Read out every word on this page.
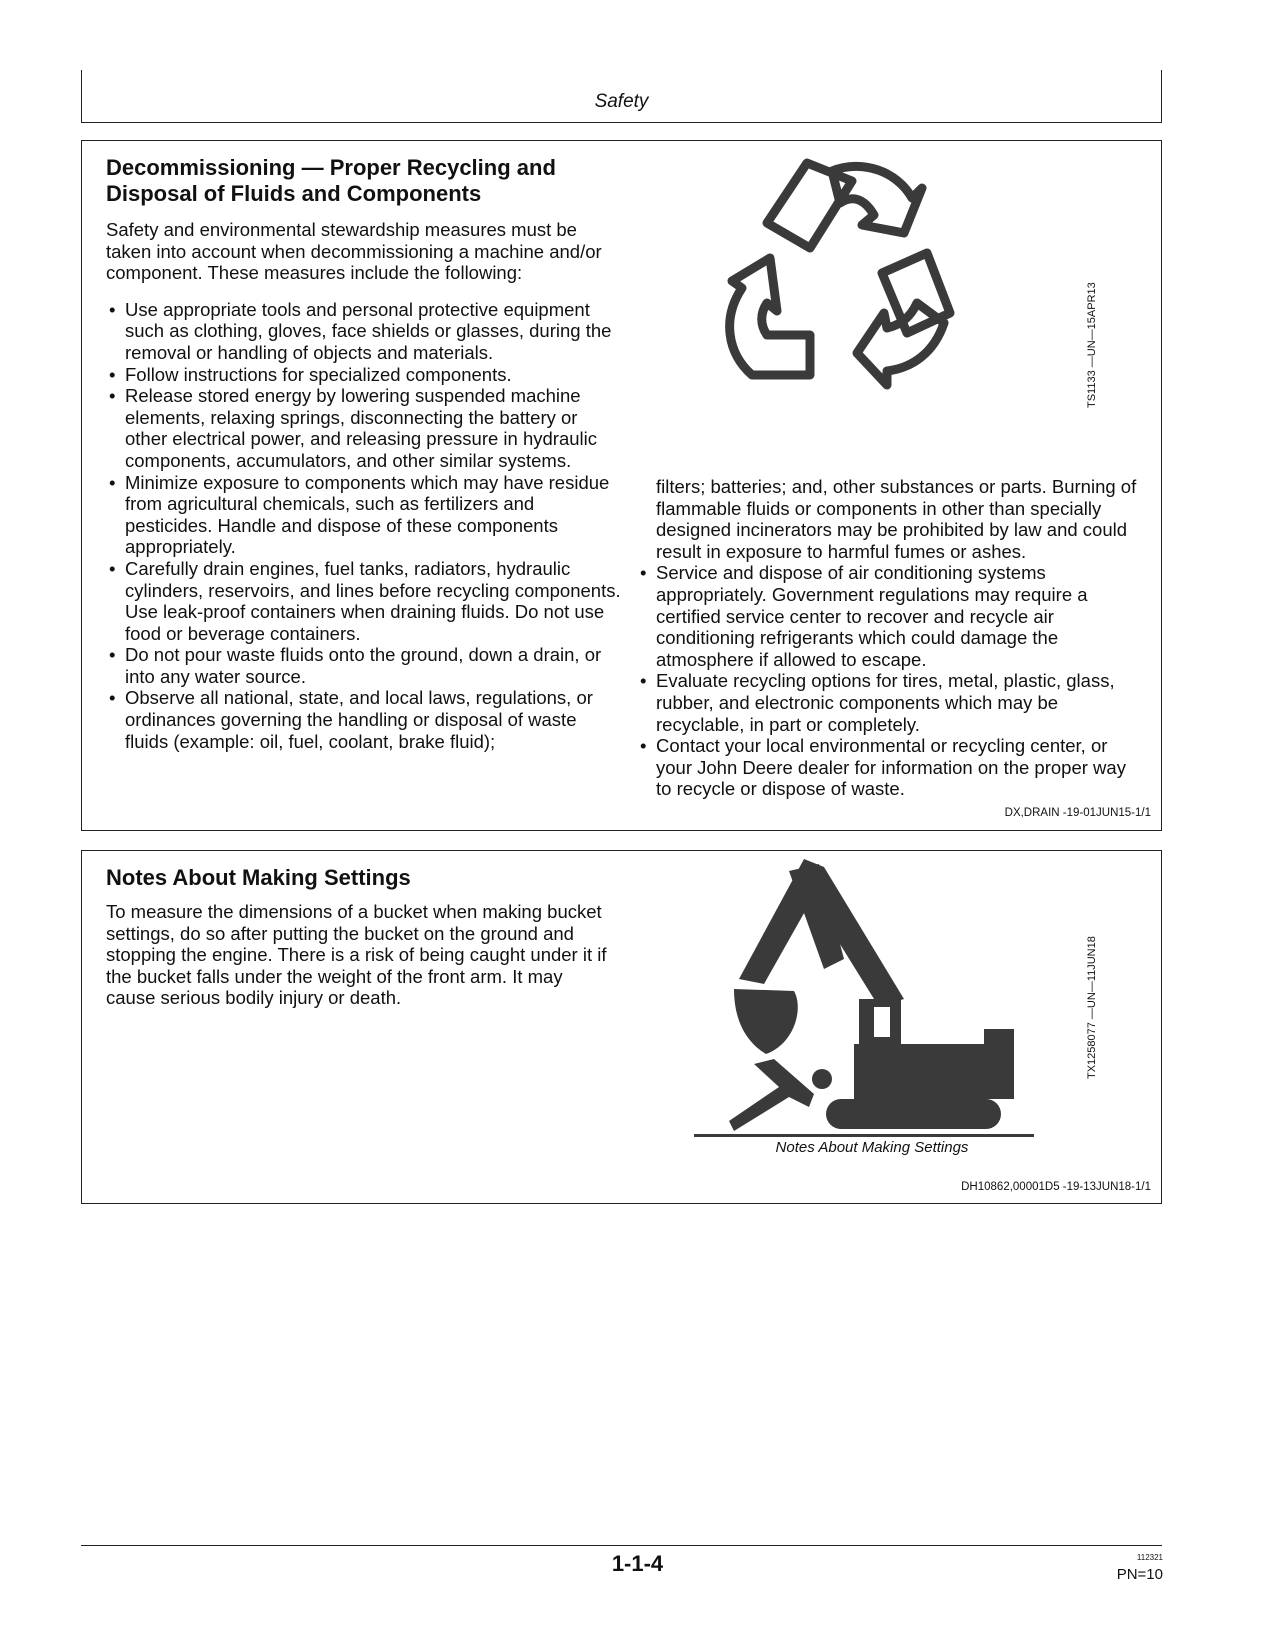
Safety
Decommissioning — Proper Recycling and
Disposal of Fluids and Components

Safety and environmental stewardship measures must be taken into account when decommissioning a machine and/or component. These measures include the following:

• Use appropriate tools and personal protective equipment such as clothing, gloves, face shields or glasses, during the removal or handling of objects and materials.
• Follow instructions for specialized components.
• Release stored energy by lowering suspended machine elements, relaxing springs, disconnecting the battery or other electrical power, and releasing pressure in hydraulic components, accumulators, and other similar systems.
• Minimize exposure to components which may have residue from agricultural chemicals, such as fertilizers and pesticides. Handle and dispose of these components appropriately.
• Carefully drain engines, fuel tanks, radiators, hydraulic cylinders, reservoirs, and lines before recycling components. Use leak-proof containers when draining fluids. Do not use food or beverage containers.
• Do not pour waste fluids onto the ground, down a drain, or into any water source.
• Observe all national, state, and local laws, regulations, or ordinances governing the handling or disposal of waste fluids (example: oil, fuel, coolant, brake fluid);
TS1133 —UN—15APR13

filters; batteries; and, other substances or parts. Burning of flammable fluids or components in other than specially designed incinerators may be prohibited by law and could result in exposure to harmful fumes or ashes.

• Service and dispose of air conditioning systems appropriately. Government regulations may require a certified service center to recover and recycle air conditioning refrigerants which could damage the atmosphere if allowed to escape.
• Evaluate recycling options for tires, metal, plastic, glass, rubber, and electronic components which may be recyclable, in part or completely.
• Contact your local environmental or recycling center, or your John Deere dealer for information on the proper way to recycle or dispose of waste.
DX,DRAIN -19-01JUN15-1/1
Notes About Making Settings

To measure the dimensions of a bucket when making bucket settings, do so after putting the bucket on the ground and stopping the engine. There is a risk of being caught under it if the bucket falls under the weight of the front arm. It may cause serious bodily injury or death.	TX1258077 —UN—11JUN18
Notes About Making Settings
DH10862,00001D5 -19-13JUN18-1/1
1-1-4	112321
PN=10
